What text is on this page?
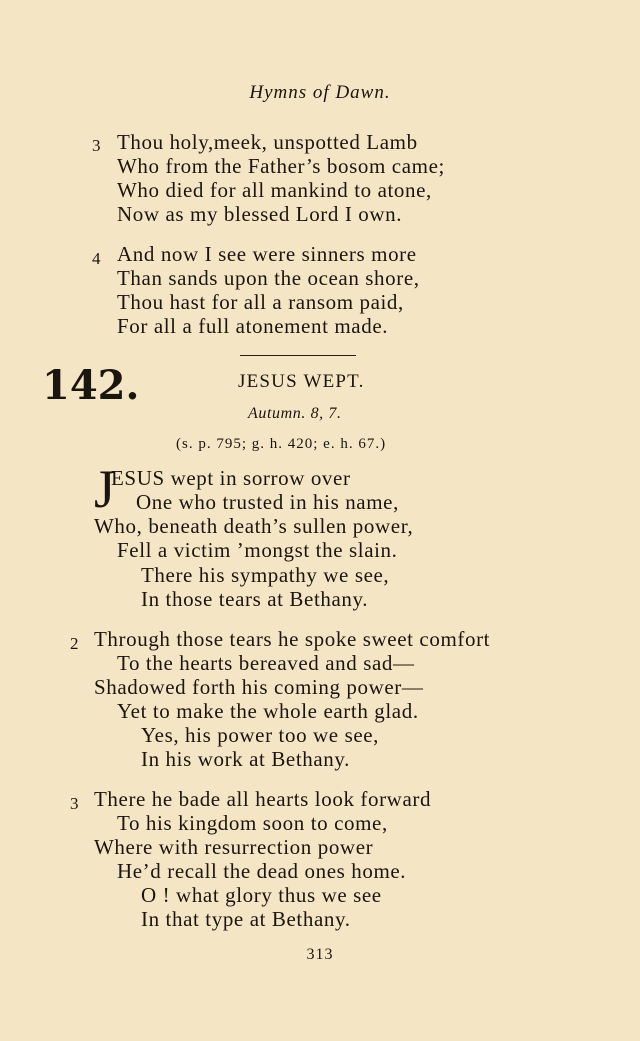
Hymns of Dawn.
3 Thou holy,meek, unspotted Lamb
Who from the Father’s bosom came;
Who died for all mankind to atone,
Now as my blessed Lord I own.
4 And now I see were sinners more
Than sands upon the ocean shore,
Thou hast for all a ransom paid,
For all a full atonement made.
142.	JESUS WEPT.
Autumn. 8, 7.
(s. p. 795; g. h. 420; e. h. 67.)
J
ESUS wept in sorrow over
One who trusted in his name,
Who, beneath death’s sullen power,
Fell a victim ’mongst the slain.
There his sympathy we see,
In those tears at Bethany.
2 Through those tears he spoke sweet comfort
To the hearts bereaved and sad—
Shadowed forth his coming power—
Yet to make the whole earth glad.
Yes, his power too we see,
In his work at Bethany.
3 There he bade all hearts look forward
To his kingdom soon to come,
Where with resurrection power
He’d recall the dead ones home.
O ! what glory thus we see
In that type at Bethany.
313
